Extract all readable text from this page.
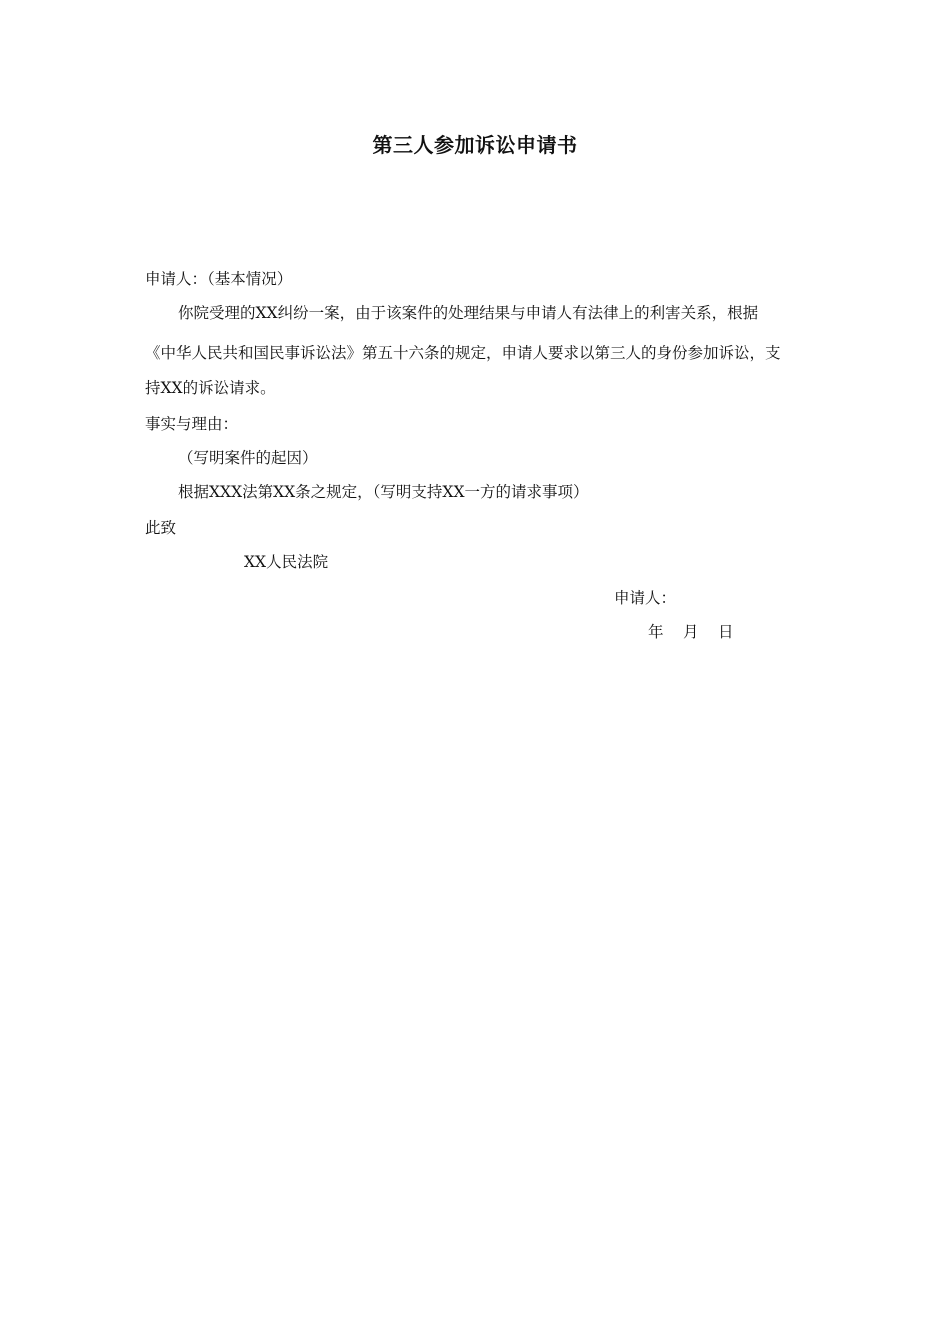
第三人参加诉讼申请书

申请人：（基本情况）

你院受理的XX纠纷一案，由于该案件的处理结果与申请人有法律上的利害关系，根据

《中华人民共和国民事诉讼法》第五十六条的规定，申请人要求以第三人的身份参加诉讼，支

持XX的诉讼请求。

事实与理由：

（写明案件的起因）

根据XXX法第XX条之规定，（写明支持XX一方的请求事项）

此致

XX人民法院

申请人：

年　月　日
